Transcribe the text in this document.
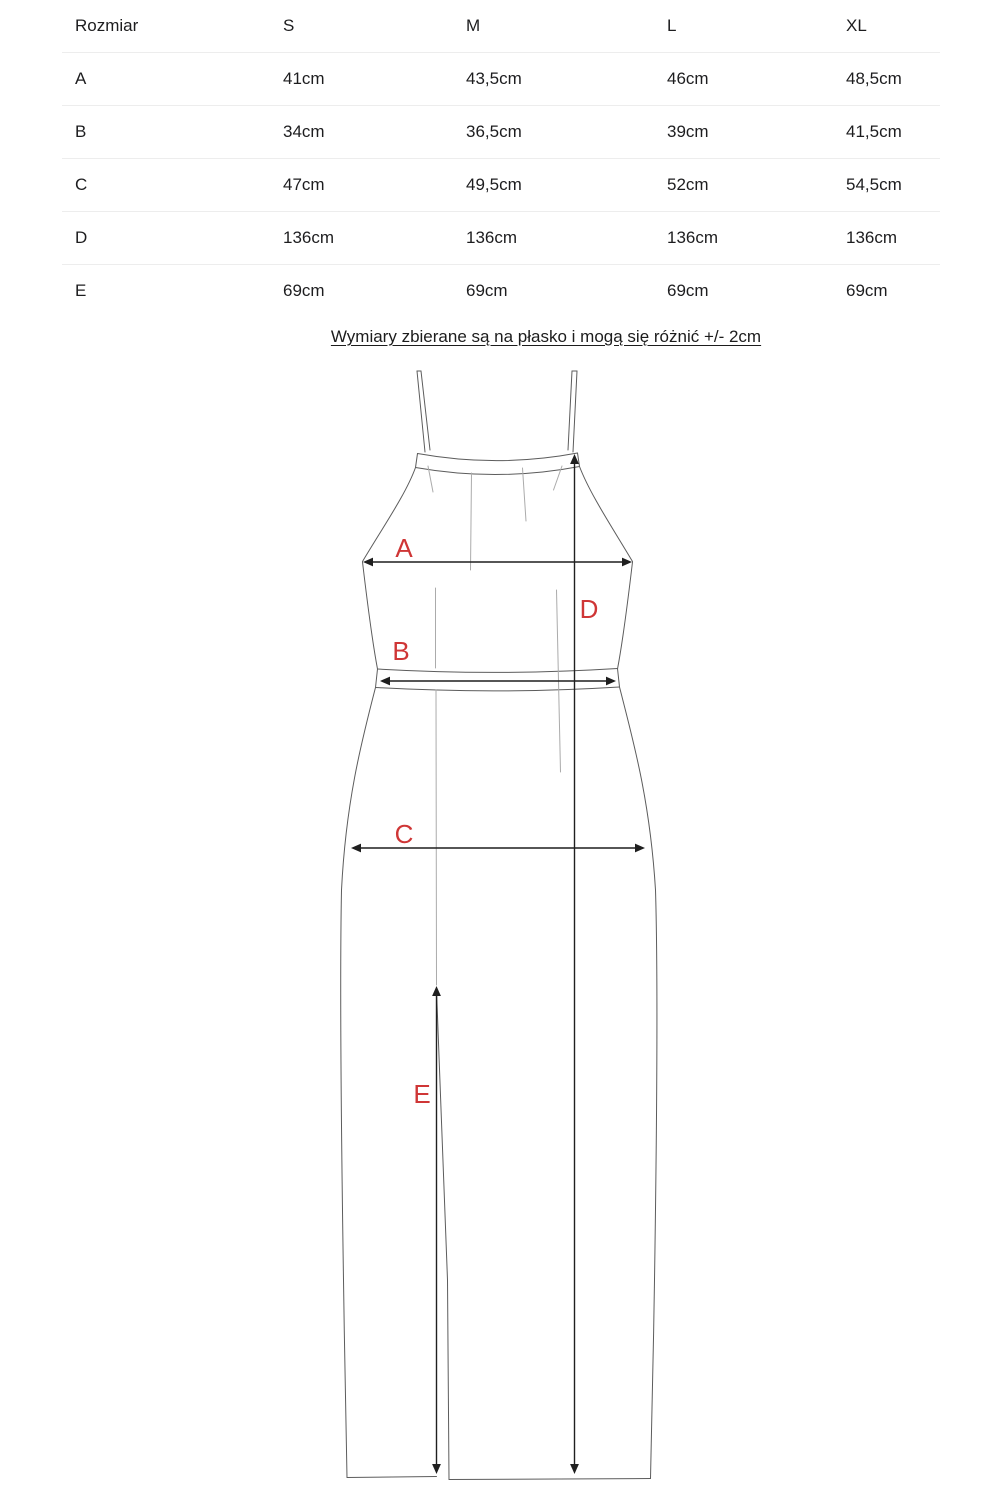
Rozmiar	S	M	L	XL
A	41cm	43,5cm	46cm	48,5cm
B	34cm	36,5cm	39cm	41,5cm
C	47cm	49,5cm	52cm	54,5cm
D	136cm	136cm	136cm	136cm
E	69cm	69cm	69cm	69cm
Wymiary zbierane są na płasko i mogą się różnić +/- 2cm
A
B
C
D
E
